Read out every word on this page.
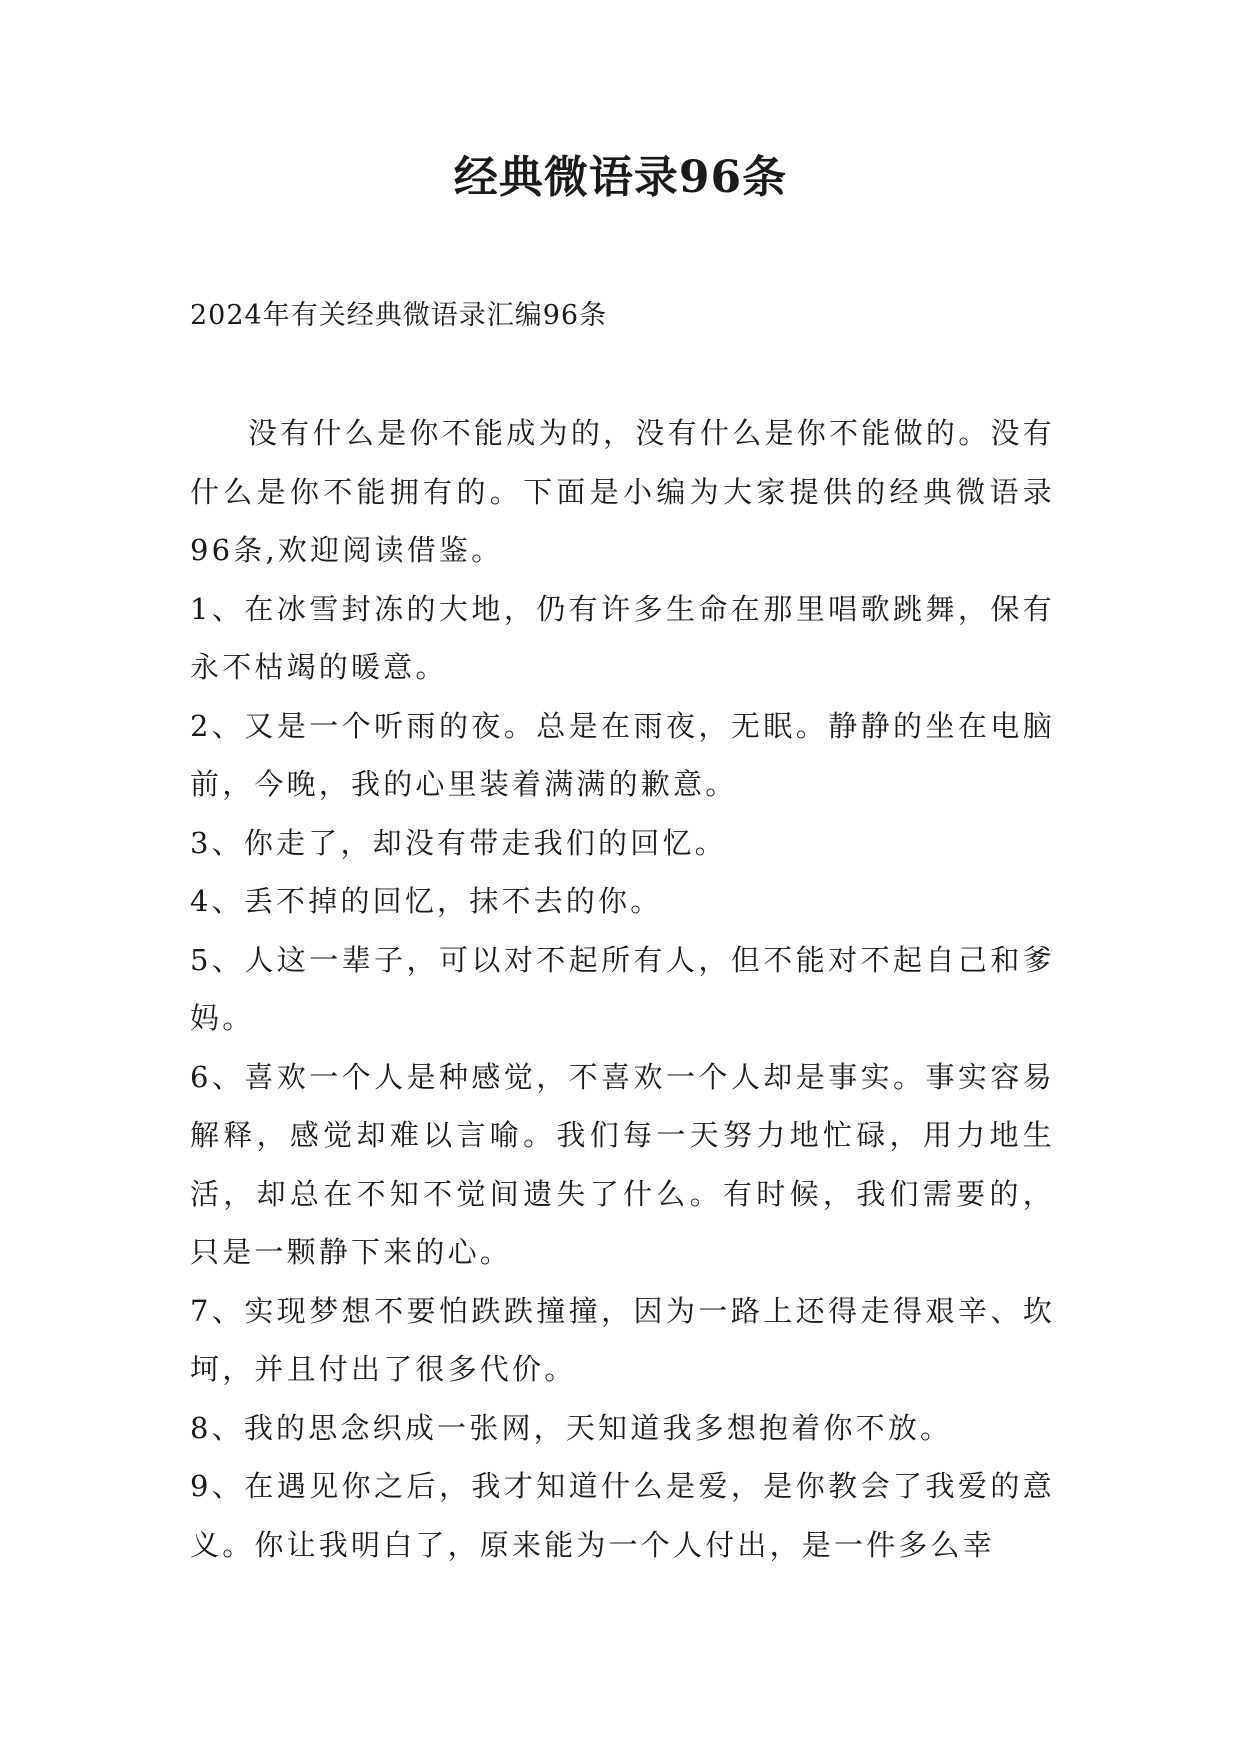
经典微语录96条
2024年有关经典微语录汇编96条

没有什么是你不能成为的，没有什么是你不能做的。没有什么是你不能拥有的。下面是小编为大家提供的经典微语录96条,欢迎阅读借鉴。

1、在冰雪封冻的大地，仍有许多生命在那里唱歌跳舞，保有永不枯竭的暖意。

2、又是一个听雨的夜。总是在雨夜，无眠。静静的坐在电脑前，今晚，我的心里装着满满的歉意。

3、你走了，却没有带走我们的回忆。

4、丢不掉的回忆，抹不去的你。

5、人这一辈子，可以对不起所有人，但不能对不起自己和爹妈。

6、喜欢一个人是种感觉，不喜欢一个人却是事实。事实容易解释，感觉却难以言喻。我们每一天努力地忙碌，用力地生活，却总在不知不觉间遗失了什么。有时候，我们需要的，只是一颗静下来的心。

7、实现梦想不要怕跌跌撞撞，因为一路上还得走得艰辛、坎坷，并且付出了很多代价。

8、我的思念织成一张网，天知道我多想抱着你不放。

9、在遇见你之后，我才知道什么是爱，是你教会了我爱的意义。你让我明白了，原来能为一个人付出，是一件多么幸
